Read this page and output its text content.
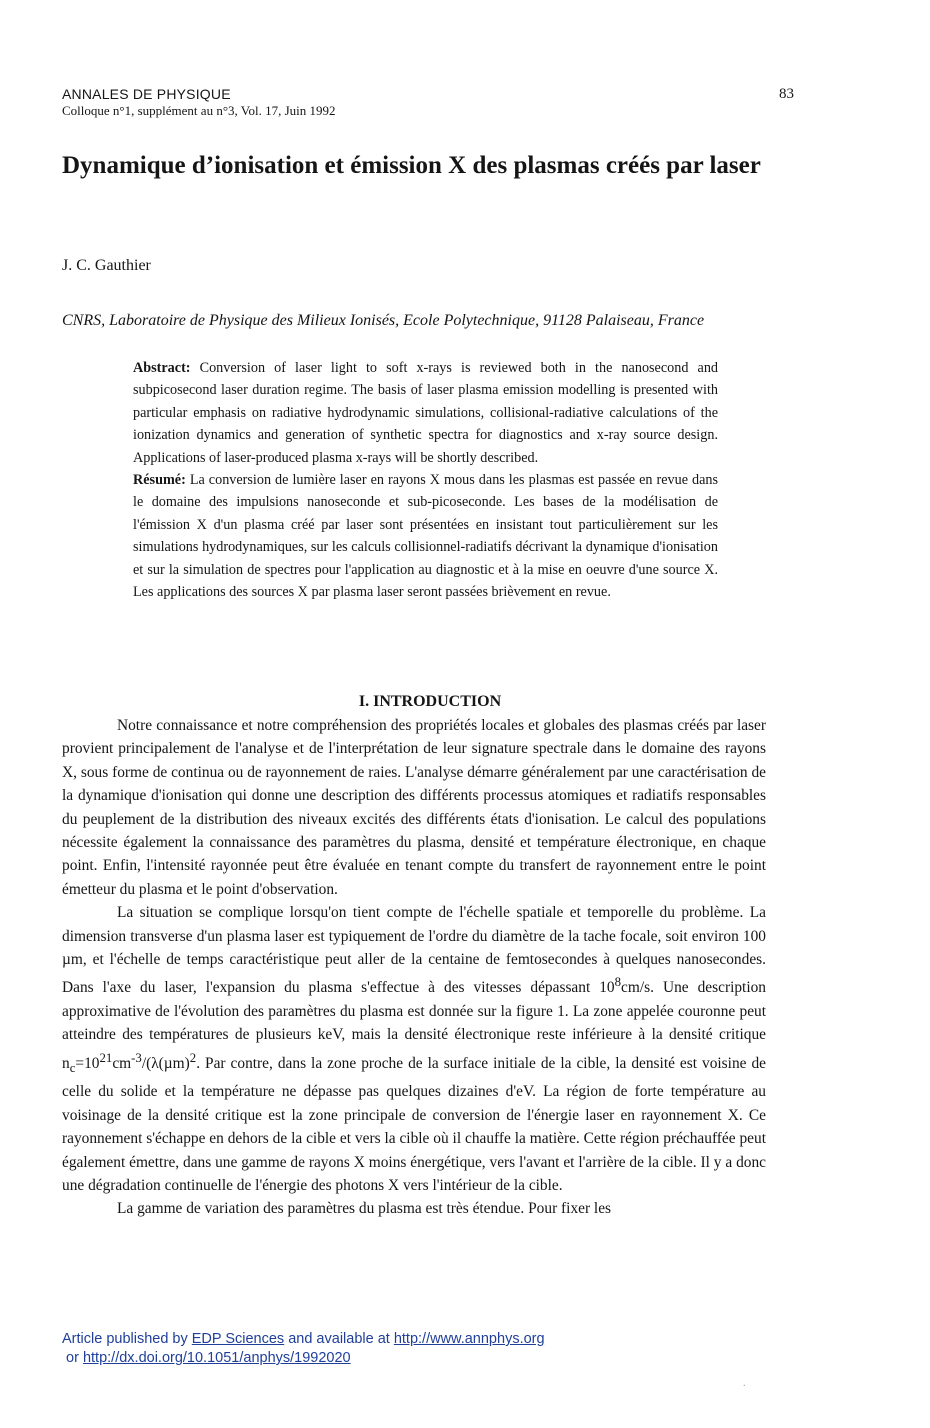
ANNALES DE PHYSIQUE
Colloque n°1, supplément au n°3, Vol. 17, Juin 1992
83
Dynamique d’ionisation et émission X des plasmas créés par laser
J. C. Gauthier
CNRS, Laboratoire de Physique des Milieux Ionisés, Ecole Polytechnique, 91128 Palaiseau, France

Abstract: Conversion of laser light to soft x-rays is reviewed both in the nanosecond and subpicosecond laser duration regime. The basis of laser plasma emission modelling is presented with particular emphasis on radiative hydrodynamic simulations, collisional-radiative calculations of the ionization dynamics and generation of synthetic spectra for diagnostics and x-ray source design. Applications of laser-produced plasma x-rays will be shortly described.

Résumé: La conversion de lumière laser en rayons X mous dans les plasmas est passée en revue dans le domaine des impulsions nanoseconde et sub-picoseconde. Les bases de la modélisation de l'émission X d'un plasma créé par laser sont présentées en insistant tout particulièrement sur les simulations hydrodynamiques, sur les calculs collisionnel-radiatifs décrivant la dynamique d'ionisation et sur la simulation de spectres pour l'application au diagnostic et à la mise en oeuvre d'une source X. Les applications des sources X par plasma laser seront passées brièvement en revue.

I. INTRODUCTION

Notre connaissance et notre compréhension des propriétés locales et globales des plasmas créés par laser provient principalement de l'analyse et de l'interprétation de leur signature spectrale dans le domaine des rayons X, sous forme de continua ou de rayonnement de raies. L'analyse démarre généralement par une caractérisation de la dynamique d'ionisation qui donne une description des différents processus atomiques et radiatifs responsables du peuplement de la distribution des niveaux excités des différents états d'ionisation. Le calcul des populations nécessite également la connaissance des paramètres du plasma, densité et température électronique, en chaque point. Enfin, l'intensité rayonnée peut être évaluée en tenant compte du transfert de rayonnement entre le point émetteur du plasma et le point d'observation.

La situation se complique lorsqu'on tient compte de l'échelle spatiale et temporelle du problème. La dimension transverse d'un plasma laser est typiquement de l'ordre du diamètre de la tache focale, soit environ 100 µm, et l'échelle de temps caractéristique peut aller de la centaine de femtosecondes à quelques nanosecondes. Dans l'axe du laser, l'expansion du plasma s'effectue à des vitesses dépassant $10^8cm/s$. Une description approximative de l'évolution des paramètres du plasma est donnée sur la figure 1. La zone appelée couronne peut atteindre des températures de plusieurs keV, mais la densité électronique reste inférieure à la densité critique $n_c=10^{21}cm^{-3}/(\lambda(\mu m)^2$. Par contre, dans la zone proche de la surface initiale de la cible, la densité est voisine de celle du solide et la température ne dépasse pas quelques dizaines d'eV. La région de forte température au voisinage de la densité critique est la zone principale de conversion de l'énergie laser en rayonnement X. Ce rayonnement s'échappe en dehors de la cible et vers la cible où il chauffe la matière. Cette région préchauffée peut également émettre, dans une gamme de rayons X moins énergétique, vers l'avant et l'arrière de la cible. Il y a donc une dégradation continuelle de l'énergie des photons X vers l'intérieur de la cible.

La gamme de variation des paramètres du plasma est très étendue. Pour fixer les

Article published by EDP Sciences and available at http://www.annphys.org
or http://dx.doi.org/10.1051/anphys/1992020
.
